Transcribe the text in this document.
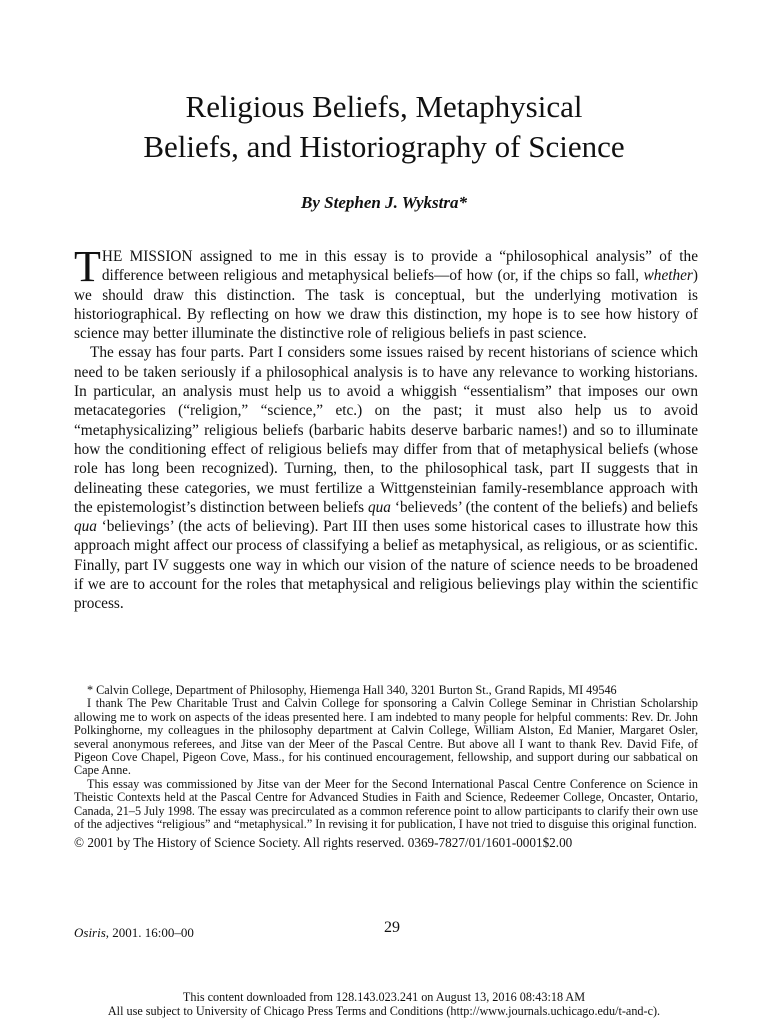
Religious Beliefs, Metaphysical
Beliefs, and Historiography of Science
By Stephen J. Wykstra*

THE MISSION assigned to me in this essay is to provide a “philosophical analysis” of the difference between religious and metaphysical beliefs—of how (or, if the chips so fall, whether) we should draw this distinction. The task is conceptual, but the underlying motivation is historiographical. By reflecting on how we draw this distinction, my hope is to see how history of science may better illuminate the distinctive role of religious beliefs in past science.

The essay has four parts. Part I considers some issues raised by recent historians of science which need to be taken seriously if a philosophical analysis is to have any relevance to working historians. In particular, an analysis must help us to avoid a whiggish “essentialism” that imposes our own metacategories (“religion,” “science,” etc.) on the past; it must also help us to avoid “metaphysicalizing” religious beliefs (barbaric habits deserve barbaric names!) and so to illuminate how the conditioning effect of religious beliefs may differ from that of metaphysical beliefs (whose role has long been recognized). Turning, then, to the philosophical task, part II suggests that in delineating these categories, we must fertilize a Wittgensteinian family-resemblance approach with the epistemologist’s distinction between beliefs qua ‘believeds’ (the content of the beliefs) and beliefs qua ‘believings’ (the acts of believing). Part III then uses some historical cases to illustrate how this approach might affect our process of classifying a belief as metaphysical, as religious, or as scientific. Finally, part IV suggests one way in which our vision of the nature of science needs to be broadened if we are to account for the roles that metaphysical and religious believings play within the scientific process.

* Calvin College, Department of Philosophy, Hiemenga Hall 340, 3201 Burton St., Grand Rapids, MI 49546

I thank The Pew Charitable Trust and Calvin College for sponsoring a Calvin College Seminar in Christian Scholarship allowing me to work on aspects of the ideas presented here. I am indebted to many people for helpful comments: Rev. Dr. John Polkinghorne, my colleagues in the philosophy department at Calvin College, William Alston, Ed Manier, Margaret Osler, several anonymous referees, and Jitse van der Meer of the Pascal Centre. But above all I want to thank Rev. David Fife, of Pigeon Cove Chapel, Pigeon Cove, Mass., for his continued encouragement, fellowship, and support during our sabbatical on Cape Anne.

This essay was commissioned by Jitse van der Meer for the Second International Pascal Centre Conference on Science in Theistic Contexts held at the Pascal Centre for Advanced Studies in Faith and Science, Redeemer College, Oncaster, Ontario, Canada, 21–5 July 1998. The essay was precirculated as a common reference point to allow participants to clarify their own use of the adjectives “religious” and “metaphysical.” In revising it for publication, I have not tried to disguise this original function.

© 2001 by The History of Science Society. All rights reserved. 0369-7827/01/1601-0001$2.00
Osiris, 2001. 16:00–00	29
This content downloaded from 128.143.023.241 on August 13, 2016 08:43:18 AM
All use subject to University of Chicago Press Terms and Conditions (http://www.journals.uchicago.edu/t-and-c).
